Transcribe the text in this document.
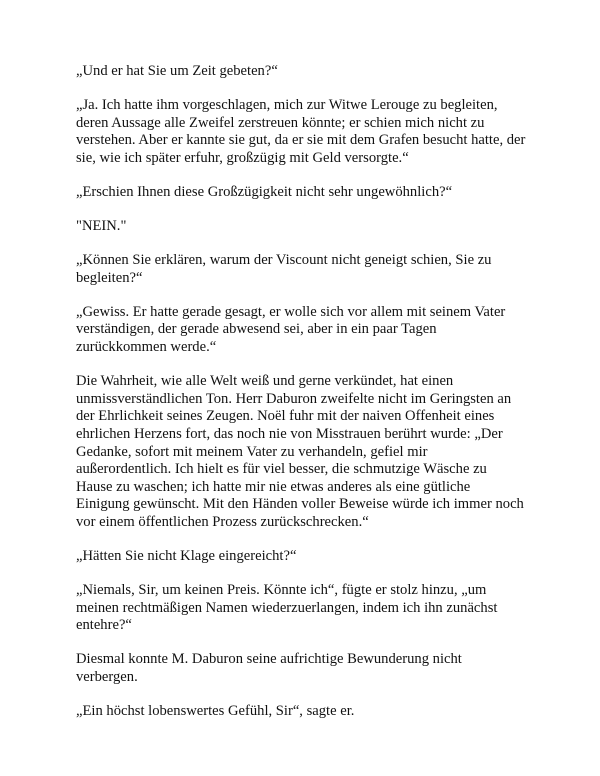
„Und er hat Sie um Zeit gebeten?“

„Ja. Ich hatte ihm vorgeschlagen, mich zur Witwe Lerouge zu begleiten, deren Aussage alle Zweifel zerstreuen könnte; er schien mich nicht zu verstehen. Aber er kannte sie gut, da er sie mit dem Grafen besucht hatte, der sie, wie ich später erfuhr, großzügig mit Geld versorgte.“

„Erschien Ihnen diese Großzügigkeit nicht sehr ungewöhnlich?“

"NEIN."

„Können Sie erklären, warum der Viscount nicht geneigt schien, Sie zu begleiten?“

„Gewiss. Er hatte gerade gesagt, er wolle sich vor allem mit seinem Vater verständigen, der gerade abwesend sei, aber in ein paar Tagen zurückkommen werde.“

Die Wahrheit, wie alle Welt weiß und gerne verkündet, hat einen unmissverständlichen Ton. Herr Daburon zweifelte nicht im Geringsten an der Ehrlichkeit seines Zeugen. Noël fuhr mit der naiven Offenheit eines ehrlichen Herzens fort, das noch nie von Misstrauen berührt wurde: „Der Gedanke, sofort mit meinem Vater zu verhandeln, gefiel mir außerordentlich. Ich hielt es für viel besser, die schmutzige Wäsche zu Hause zu waschen; ich hatte mir nie etwas anderes als eine gütliche Einigung gewünscht. Mit den Händen voller Beweise würde ich immer noch vor einem öffentlichen Prozess zurückschrecken.“

„Hätten Sie nicht Klage eingereicht?“

„Niemals, Sir, um keinen Preis. Könnte ich“, fügte er stolz hinzu, „um meinen rechtmäßigen Namen wiederzuerlangen, indem ich ihn zunächst entehre?“

Diesmal konnte M. Daburon seine aufrichtige Bewunderung nicht verbergen.

„Ein höchst lobenswertes Gefühl, Sir“, sagte er.
